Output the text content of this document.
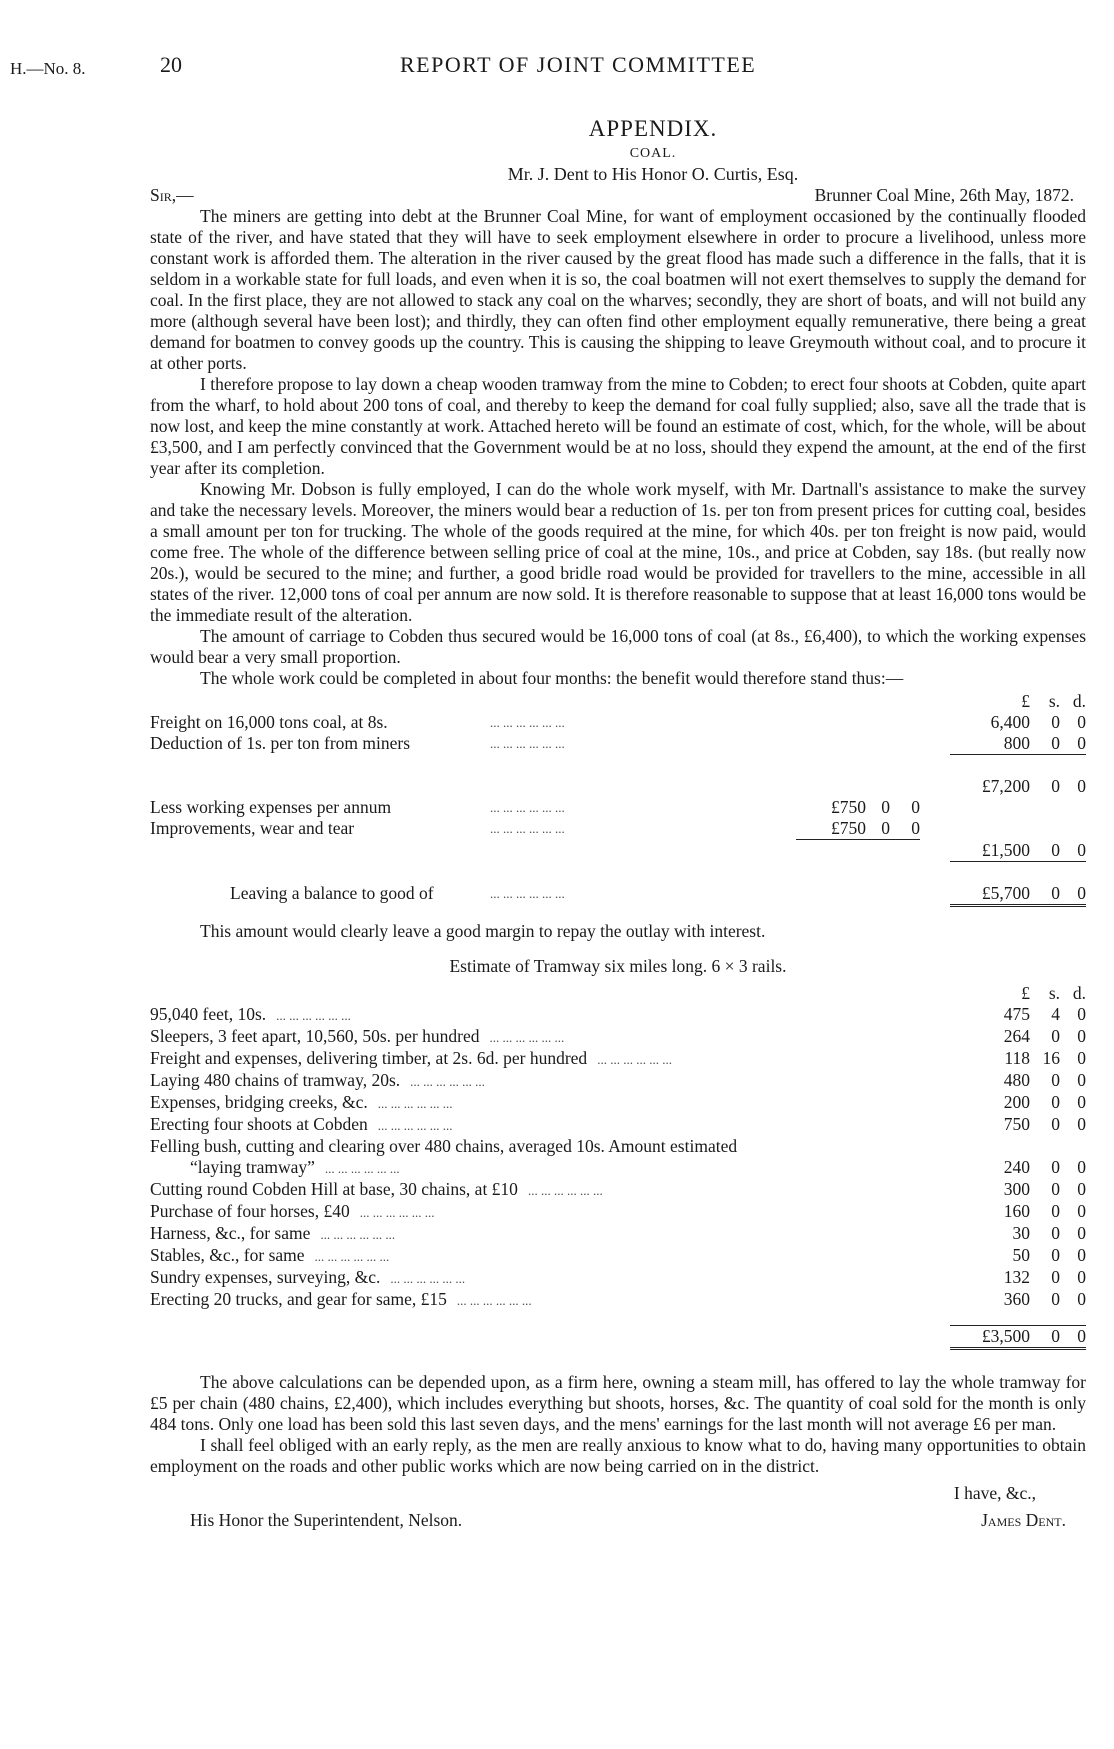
H.—No. 8.	20	REPORT OF JOINT COMMITTEE
APPENDIX.
COAL.
Mr. J. Dent to His Honor O. Curtis, Esq.
Sir,—	Brunner Coal Mine, 26th May, 1872.

The miners are getting into debt at the Brunner Coal Mine, for want of employment occasioned by the continually flooded state of the river, and have stated that they will have to seek employment elsewhere in order to procure a livelihood, unless more constant work is afforded them. The alteration in the river caused by the great flood has made such a difference in the falls, that it is seldom in a workable state for full loads, and even when it is so, the coal boatmen will not exert themselves to supply the demand for coal. In the first place, they are not allowed to stack any coal on the wharves; secondly, they are short of boats, and will not build any more (although several have been lost); and thirdly, they can often find other employment equally remunerative, there being a great demand for boatmen to convey goods up the country. This is causing the shipping to leave Greymouth without coal, and to procure it at other ports.

I therefore propose to lay down a cheap wooden tramway from the mine to Cobden; to erect four shoots at Cobden, quite apart from the wharf, to hold about 200 tons of coal, and thereby to keep the demand for coal fully supplied; also, save all the trade that is now lost, and keep the mine constantly at work. Attached hereto will be found an estimate of cost, which, for the whole, will be about £3,500, and I am perfectly convinced that the Government would be at no loss, should they expend the amount, at the end of the first year after its completion.

Knowing Mr. Dobson is fully employed, I can do the whole work myself, with Mr. Dartnall's assistance to make the survey and take the necessary levels. Moreover, the miners would bear a reduction of 1s. per ton from present prices for cutting coal, besides a small amount per ton for trucking. The whole of the goods required at the mine, for which 40s. per ton freight is now paid, would come free. The whole of the difference between selling price of coal at the mine, 10s., and price at Cobden, say 18s. (but really now 20s.), would be secured to the mine; and further, a good bridle road would be provided for travellers to the mine, accessible in all states of the river. 12,000 tons of coal per annum are now sold. It is therefore reasonable to suppose that at least 16,000 tons would be the immediate result of the alteration.

The amount of carriage to Cobden thus secured would be 16,000 tons of coal (at 8s., £6,400), to which the working expenses would bear a very small proportion.

The whole work could be completed in about four months: the benefit would therefore stand thus:—

						£	s.	d.
Freight on 16,000 tons coal, at 8s.	... ... ... ... ... ...					6,400	0	0
Deduction of 1s. per ton from miners	... ... ... ... ... ...					800	0	0

						£7,200	0	0
Less working expenses per annum	... ... ... ... ... ...	£750	0	0				
Improvements, wear and tear	... ... ... ... ... ...	£750	0	0				
						£1,500	0	0

Leaving a balance to good of	... ... ... ... ... ...					£5,700	0	0

This amount would clearly leave a good margin to repay the outlay with interest.

Estimate of Tramway six miles long. 6 × 3 rails.
		£	s.	d.
95,040 feet, 10s. ... ... ... ... ... ...		475	4	0
Sleepers, 3 feet apart, 10,560, 50s. per hundred ... ... ... ... ... ...		264	0	0
Freight and expenses, delivering timber, at 2s. 6d. per hundred ... ... ... ... ... ...		118	16	0
Laying 480 chains of tramway, 20s. ... ... ... ... ... ...		480	0	0
Expenses, bridging creeks, &c. ... ... ... ... ... ...		200	0	0
Erecting four shoots at Cobden ... ... ... ... ... ...		750	0	0
Felling bush, cutting and clearing over 480 chains, averaged 10s. Amount estimated				
“laying tramway” ... ... ... ... ... ...		240	0	0
Cutting round Cobden Hill at base, 30 chains, at £10 ... ... ... ... ... ...		300	0	0
Purchase of four horses, £40 ... ... ... ... ... ...		160	0	0
Harness, &c., for same ... ... ... ... ... ...		30	0	0
Stables, &c., for same ... ... ... ... ... ...		50	0	0
Sundry expenses, surveying, &c. ... ... ... ... ... ...		132	0	0
Erecting 20 trucks, and gear for same, £15 ... ... ... ... ... ...		360	0	0
		£3,500	0	0

The above calculations can be depended upon, as a firm here, owning a steam mill, has offered to lay the whole tramway for £5 per chain (480 chains, £2,400), which includes everything but shoots, horses, &c. The quantity of coal sold for the month is only 484 tons. Only one load has been sold this last seven days, and the mens' earnings for the last month will not average £6 per man.

I shall feel obliged with an early reply, as the men are really anxious to know what to do, having many opportunities to obtain employment on the roads and other public works which are now being carried on in the district.

I have, &c.,
His Honor the Superintendent, Nelson.	James Dent.
